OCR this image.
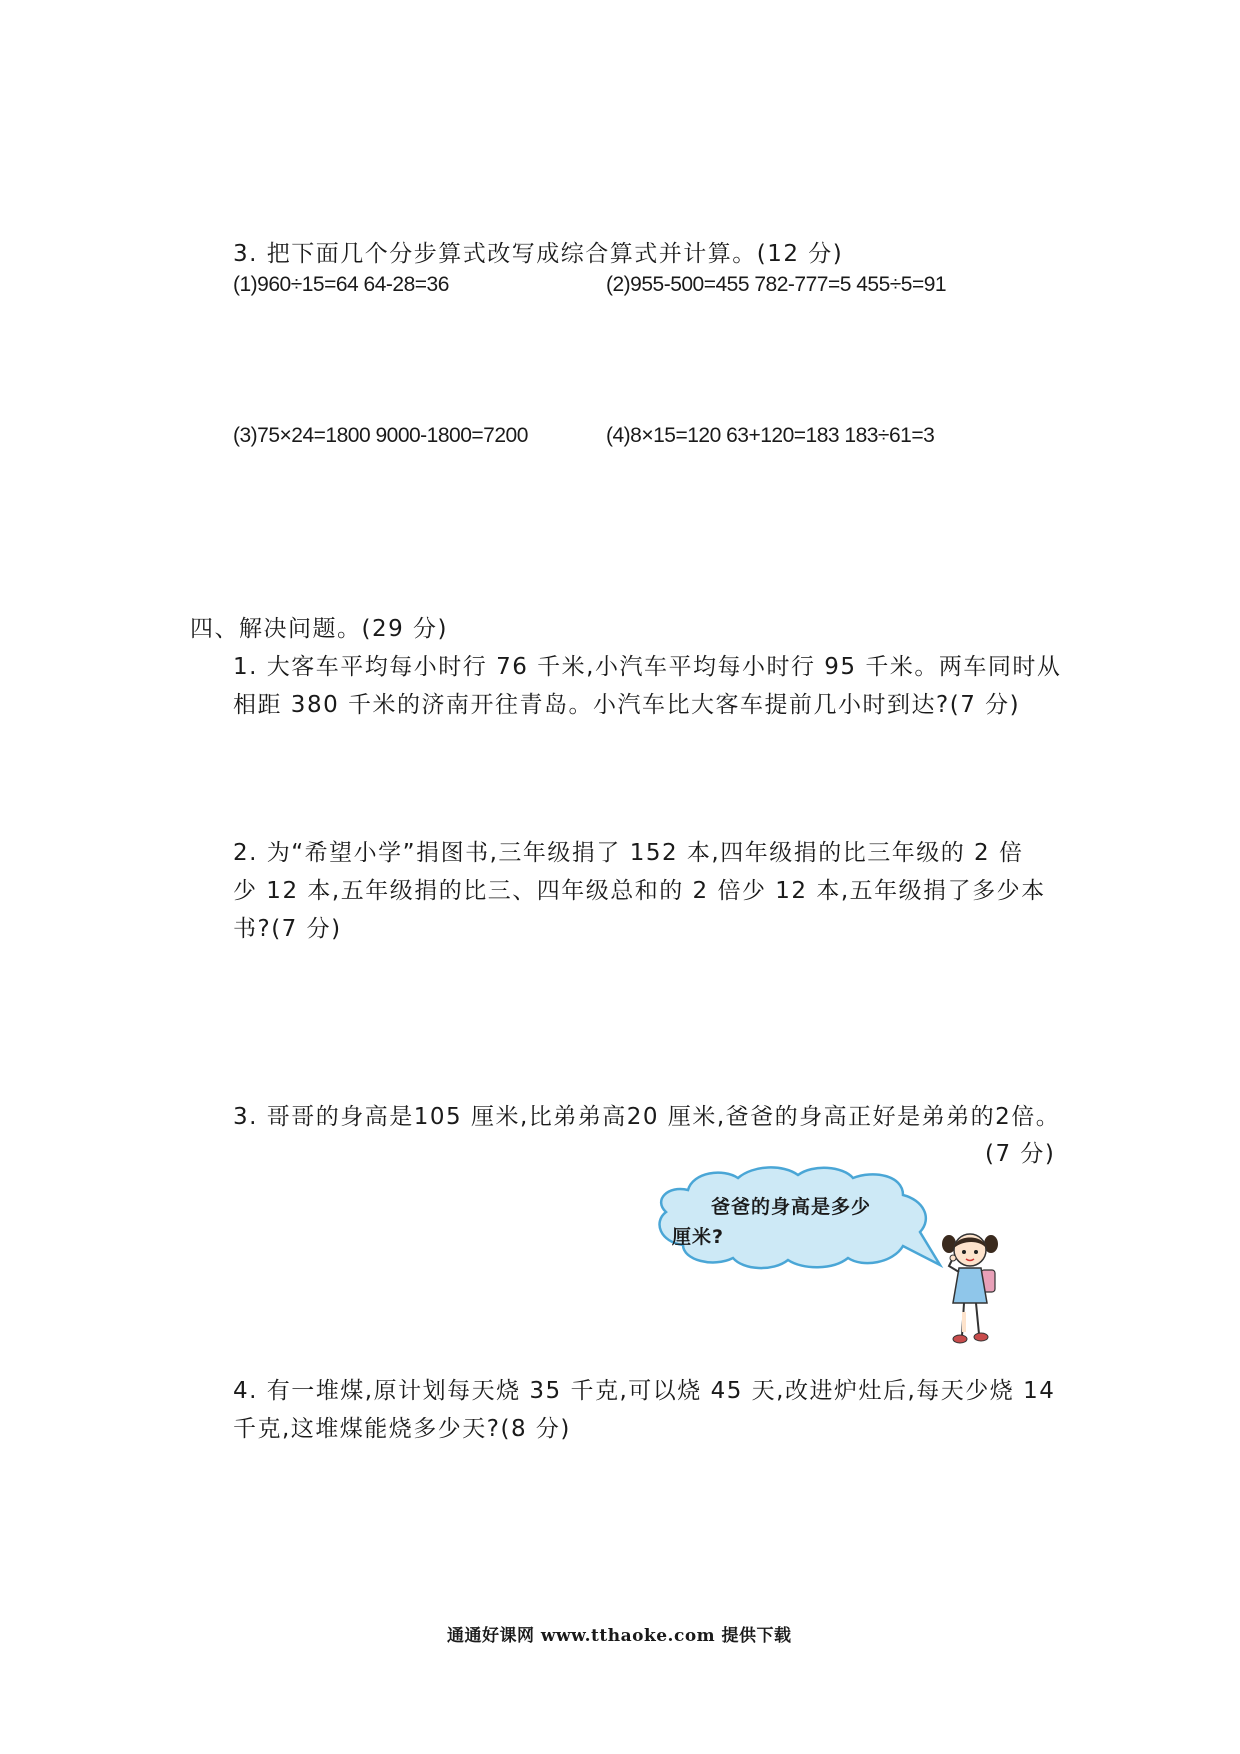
3. 把下面几个分步算式改写成综合算式并计算。(12 分)
(1)960÷15=64 64-28=36	(2)955-500=455 782-777=5 455÷5=91
(3)75×24=1800 9000-1800=7200	(4)8×15=120 63+120=183 183÷61=3
四、解决问题。(29 分)
1. 大客车平均每小时行 76 千米,小汽车平均每小时行 95 千米。两车同时从
相距 380 千米的济南开往青岛。小汽车比大客车提前几小时到达?(7 分)
2. 为“希望小学”捐图书,三年级捐了 152 本,四年级捐的比三年级的 2 倍
少 12 本,五年级捐的比三、四年级总和的 2 倍少 12 本,五年级捐了多少本
书?(7 分)
3. 哥哥的身高是105 厘米,比弟弟高20 厘米,爸爸的身高正好是弟弟的2倍。
(7 分)
爸爸的身高是多少
厘米?
4. 有一堆煤,原计划每天烧 35 千克,可以烧 45 天,改进炉灶后,每天少烧 14
千克,这堆煤能烧多少天?(8 分)
通通好课网 www.tthaoke.com 提供下载
